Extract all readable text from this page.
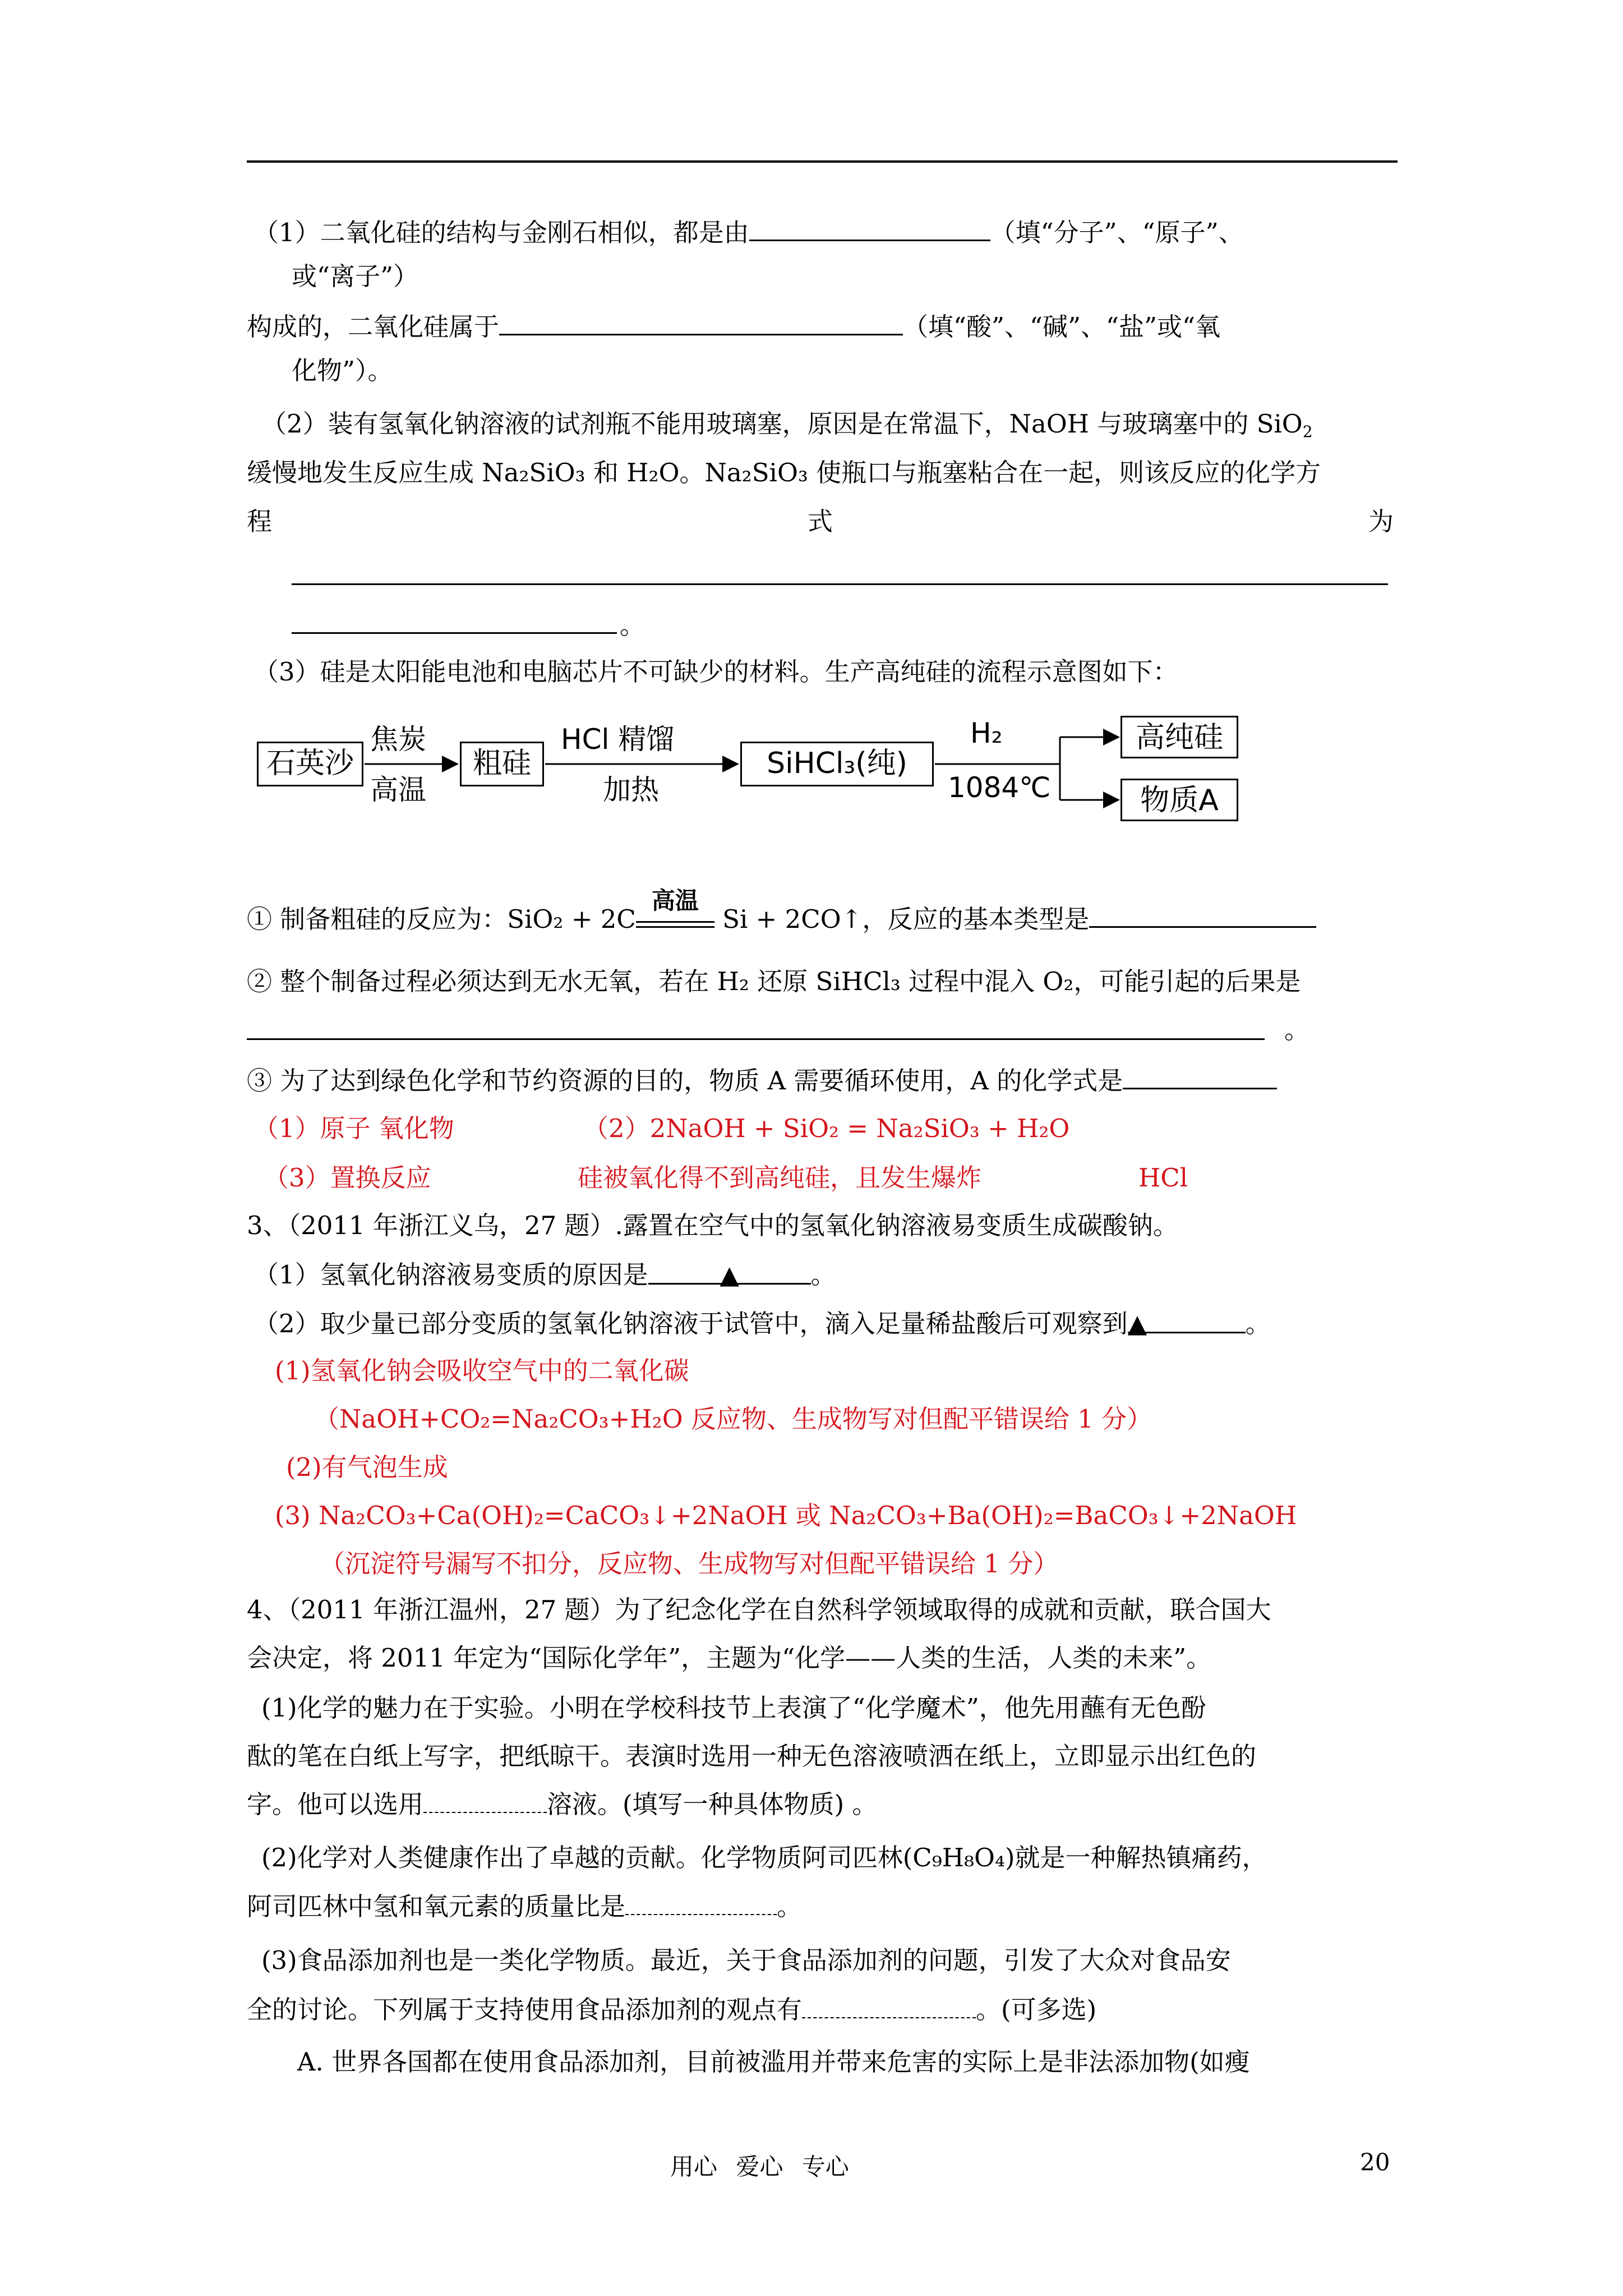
（1）二氧化硅的结构与金刚石相似，都是由	（填“分子”、“原子”、
或“离子”）
构成的，二氧化硅属于	（填“酸”、“碱”、“盐”或“氧
化物”）。
（2）装有氢氧化钠溶液的试剂瓶不能用玻璃塞，原因是在常温下，NaOH 与玻璃塞中的 SiO$_2$
缓慢地发生反应生成 Na₂SiO₃ 和 H₂O。Na₂SiO₃ 使瓶口与瓶塞粘合在一起，则该反应的化学方
程	式	为
。
（3）硅是太阳能电池和电脑芯片不可缺少的材料。生产高纯硅的流程示意图如下：
石英沙
焦炭
高温
粗硅
HCl 精馏
加热
SiHCl₃(纯)
H₂
1084℃
高纯硅
物质A
① 制备粗硅的反应为：SiO₂ + 2C
高温
Si + 2CO↑，反应的基本类型是
② 整个制备过程必须达到无水无氧，若在 H₂ 还原 SiHCl₃ 过程中混入 O₂，可能引起的后果是
。
③ 为了达到绿色化学和节约资源的目的，物质 A 需要循环使用，A 的化学式是
（1）原子 氧化物	（2）2NaOH + SiO₂ = Na₂SiO₃ + H₂O
（3）置换反应	硅被氧化得不到高纯硅，且发生爆炸	HCl
3、（2011 年浙江义乌，27 题）.露置在空气中的氢氧化钠溶液易变质生成碳酸钠。
（1）氢氧化钠溶液易变质的原因是	▲	。
（2）取少量已部分变质的氢氧化钠溶液于试管中，滴入足量稀盐酸后可观察到▲	。
(1)氢氧化钠会吸收空气中的二氧化碳
（NaOH+CO₂=Na₂CO₃+H₂O 反应物、生成物写对但配平错误给 1 分）
(2)有气泡生成
(3) Na₂CO₃+Ca(OH)₂=CaCO₃↓+2NaOH 或 Na₂CO₃+Ba(OH)₂=BaCO₃↓+2NaOH
（沉淀符号漏写不扣分，反应物、生成物写对但配平错误给 1 分）
4、（2011 年浙江温州，27 题）为了纪念化学在自然科学领域取得的成就和贡献，联合国大
会决定，将 2011 年定为“国际化学年”，主题为“化学——人类的生活，人类的未来”。
(1)化学的魅力在于实验。小明在学校科技节上表演了“化学魔术”，他先用蘸有无色酚
酞的笔在白纸上写字，把纸晾干。表演时选用一种无色溶液喷洒在纸上，立即显示出红色的
字。他可以选用	溶液。(填写一种具体物质) 。
(2)化学对人类健康作出了卓越的贡献。化学物质阿司匹林(C₉H₈O₄)就是一种解热镇痛药，
阿司匹林中氢和氧元素的质量比是	。
(3)食品添加剂也是一类化学物质。最近，关于食品添加剂的问题，引发了大众对食品安
全的讨论。下列属于支持使用食品添加剂的观点有	。(可多选)
A. 世界各国都在使用食品添加剂，目前被滥用并带来危害的实际上是非法添加物(如瘦
用心 爱心 专心	20
